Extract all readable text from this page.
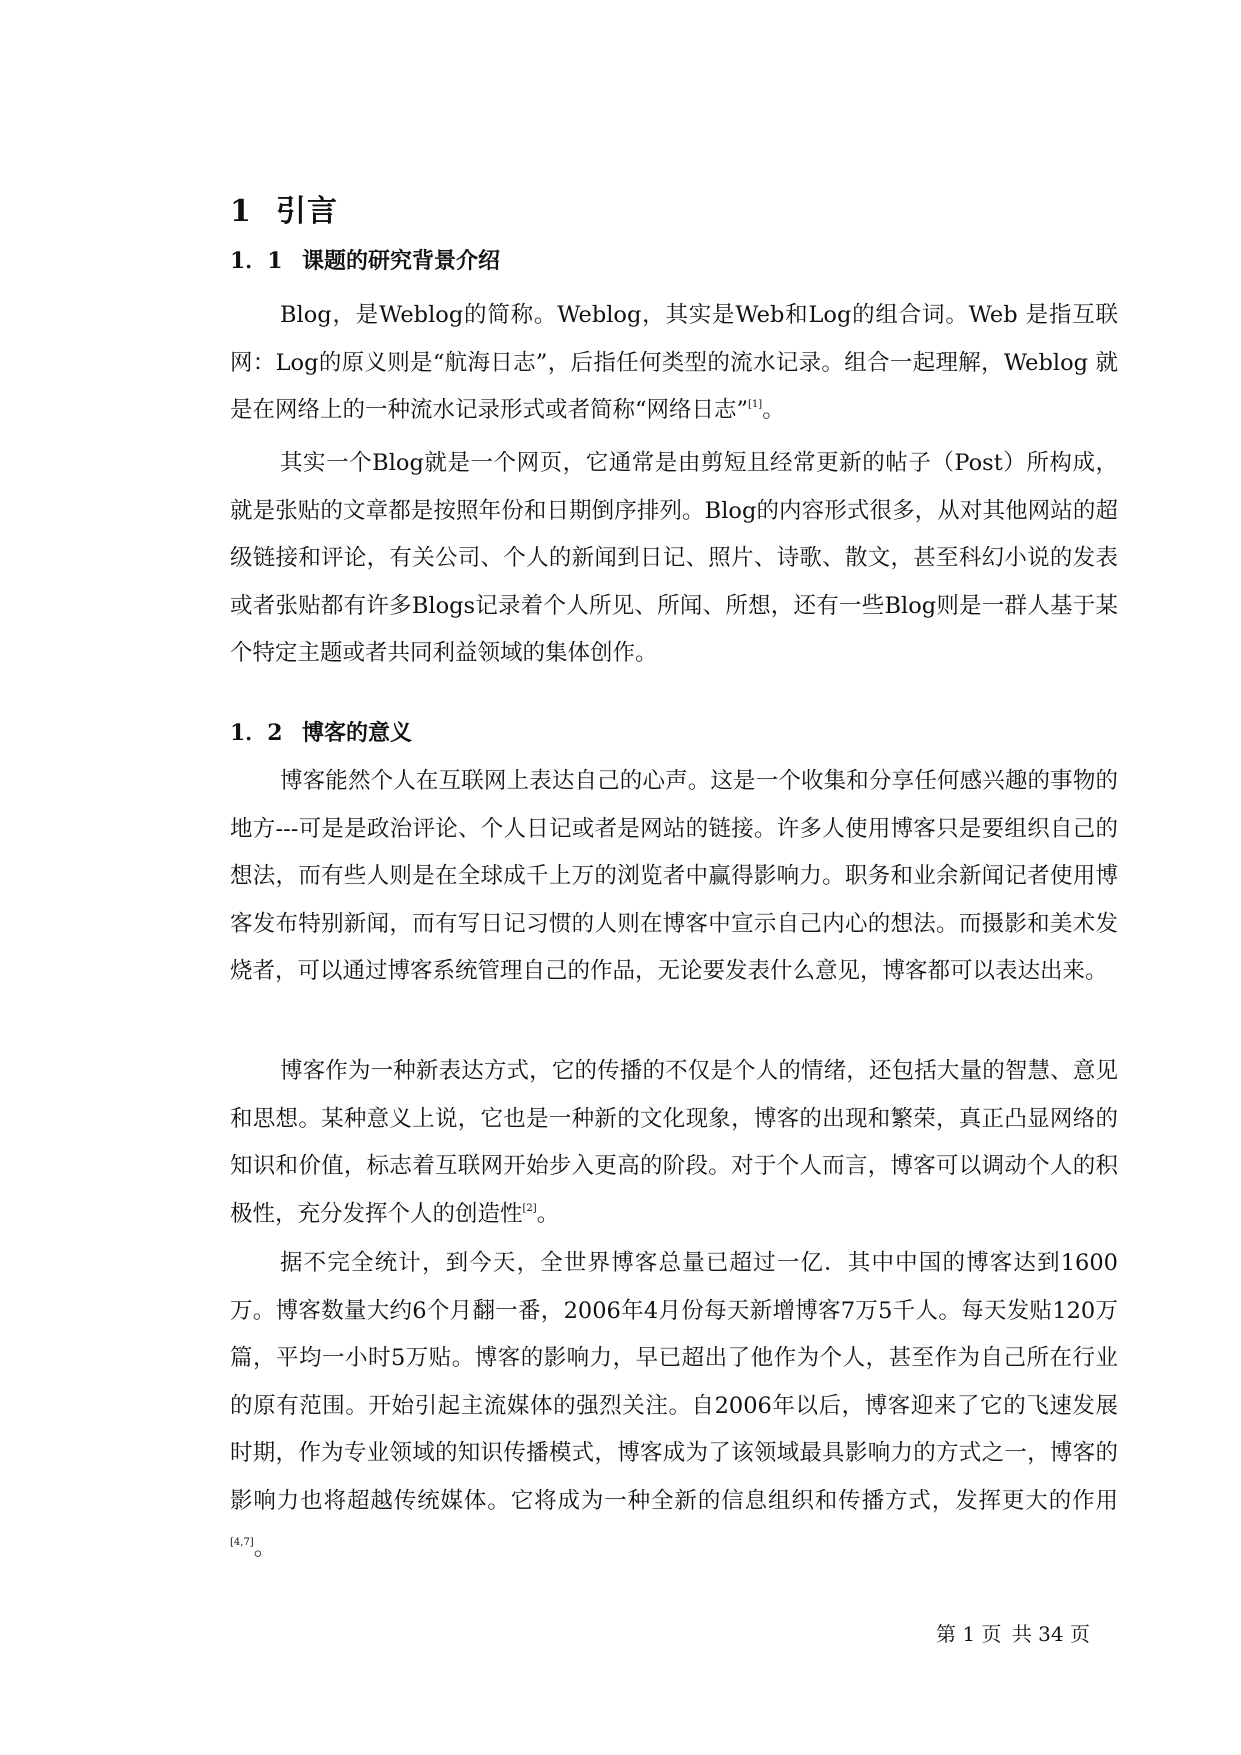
1 引言
1．1 课题的研究背景介绍

Blog，是Weblog的简称。Weblog，其实是Web和Log的组合词。Web 是指互联网：Log的原义则是“航海日志”，后指任何类型的流水记录。组合一起理解，Weblog 就是在网络上的一种流水记录形式或者简称“网络日志”[1]。

其实一个Blog就是一个网页，它通常是由剪短且经常更新的帖子（Post）所构成，就是张贴的文章都是按照年份和日期倒序排列。Blog的内容形式很多，从对其他网站的超级链接和评论，有关公司、个人的新闻到日记、照片、诗歌、散文，甚至科幻小说的发表或者张贴都有许多Blogs记录着个人所见、所闻、所想，还有一些Blog则是一群人基于某个特定主题或者共同利益领域的集体创作。

1．2 博客的意义

博客能然个人在互联网上表达自己的心声。这是一个收集和分享任何感兴趣的事物的地方---可是是政治评论、个人日记或者是网站的链接。许多人使用博客只是要组织自己的想法，而有些人则是在全球成千上万的浏览者中赢得影响力。职务和业余新闻记者使用博客发布特别新闻，而有写日记习惯的人则在博客中宣示自己内心的想法。而摄影和美术发烧者，可以通过博客系统管理自己的作品，无论要发表什么意见，博客都可以表达出来。

博客作为一种新表达方式，它的传播的不仅是个人的情绪，还包括大量的智慧、意见和思想。某种意义上说，它也是一种新的文化现象，博客的出现和繁荣，真正凸显网络的知识和价值，标志着互联网开始步入更高的阶段。对于个人而言，博客可以调动个人的积极性，充分发挥个人的创造性[2]。

据不完全统计，到今天，全世界博客总量已超过一亿．其中中国的博客达到1600万。博客数量大约6个月翻一番，2006年4月份每天新增博客7万5千人。每天发贴120万篇，平均一小时5万贴。博客的影响力，早已超出了他作为个人，甚至作为自己所在行业的原有范围。开始引起主流媒体的强烈关注。自2006年以后，博客迎来了它的飞速发展时期，作为专业领域的知识传播模式，博客成为了该领域最具影响力的方式之一，博客的影响力也将超越传统媒体。它将成为一种全新的信息组织和传播方式，发挥更大的作用[4,7]。

第 1 页 共 34 页
